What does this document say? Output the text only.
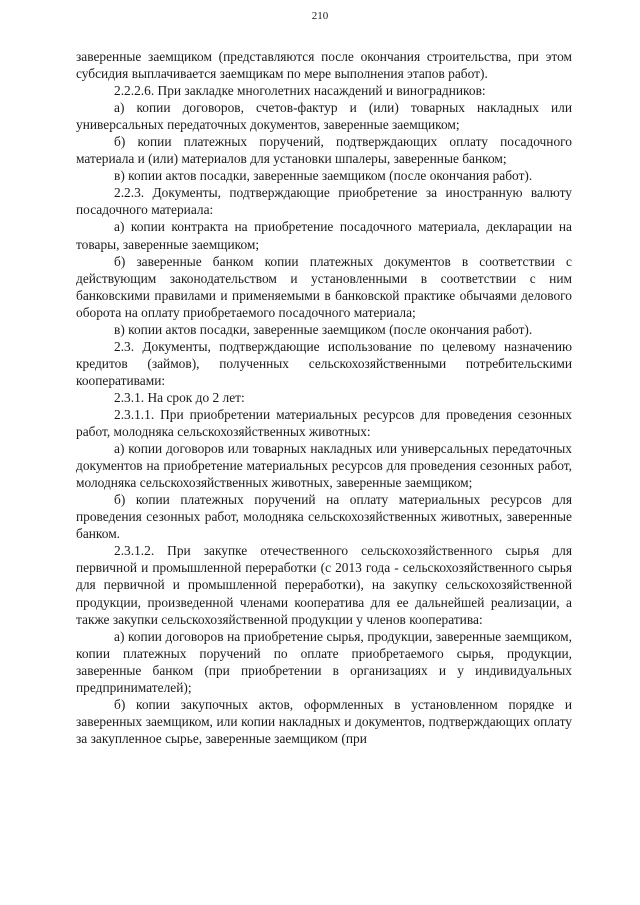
210

заверенные заемщиком (представляются после окончания строительства, при этом субсидия выплачивается заемщикам по мере выполнения этапов работ).

2.2.2.6. При закладке многолетних насаждений и виноградников:

а) копии договоров, счетов-фактур и (или) товарных накладных или универсальных передаточных документов, заверенные заемщиком;

б) копии платежных поручений, подтверждающих оплату посадочного материала и (или) материалов для установки шпалеры, заверенные банком;

в) копии актов посадки, заверенные заемщиком (после окончания работ).

2.2.3. Документы, подтверждающие приобретение за иностранную валюту посадочного материала:

а) копии контракта на приобретение посадочного материала, декларации на товары, заверенные заемщиком;

б) заверенные банком копии платежных документов в соответствии с действующим законодательством и установленными в соответствии с ним банковскими правилами и применяемыми в банковской практике обычаями делового оборота на оплату приобретаемого посадочного материала;

в) копии актов посадки, заверенные заемщиком (после окончания работ).

2.3. Документы, подтверждающие использование по целевому назначению кредитов (займов), полученных сельскохозяйственными потребительскими кооперативами:

2.3.1. На срок до 2 лет:

2.3.1.1. При приобретении материальных ресурсов для проведения сезонных работ, молодняка сельскохозяйственных животных:

а) копии договоров или товарных накладных или универсальных передаточных документов на приобретение материальных ресурсов для проведения сезонных работ, молодняка сельскохозяйственных животных, заверенные заемщиком;

б) копии платежных поручений на оплату материальных ресурсов для проведения сезонных работ, молодняка сельскохозяйственных животных, заверенные банком.

2.3.1.2. При закупке отечественного сельскохозяйственного сырья для первичной и промышленной переработки (с 2013 года - сельскохозяйственного сырья для первичной и промышленной переработки), на закупку сельскохозяйственной продукции, произведенной членами кооператива для ее дальнейшей реализации, а также закупки сельскохозяйственной продукции у членов кооператива:

а) копии договоров на приобретение сырья, продукции, заверенные заемщиком, копии платежных поручений по оплате приобретаемого сырья, продукции, заверенные банком (при приобретении в организациях и у индивидуальных предпринимателей);

б) копии закупочных актов, оформленных в установленном порядке и заверенных заемщиком, или копии накладных и документов, подтверждающих оплату за закупленное сырье, заверенные заемщиком (при
